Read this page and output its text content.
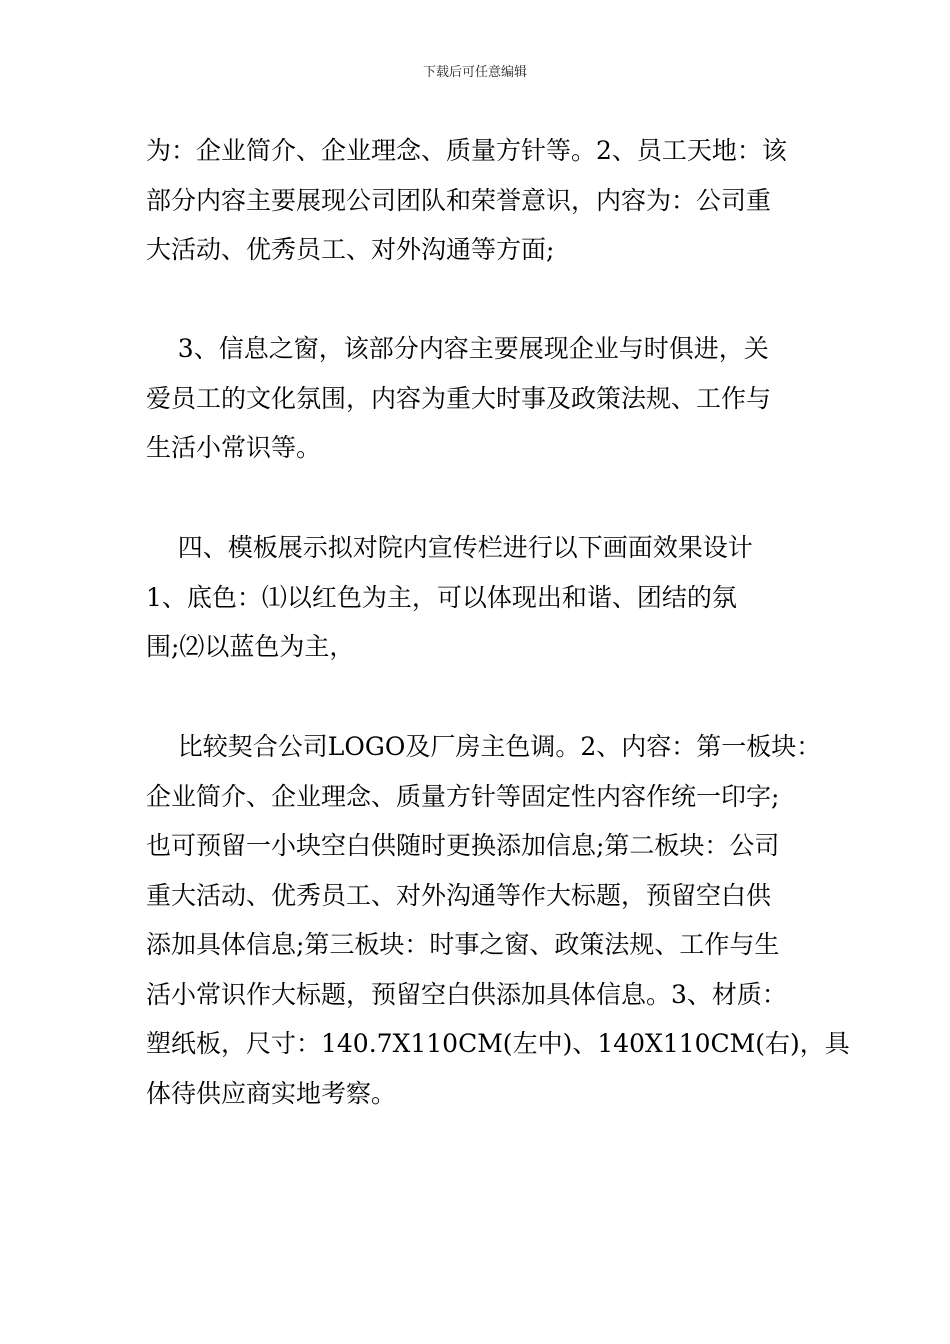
下载后可任意编辑
为：企业简介、企业理念、质量方针等。2、员工天地：该
部分内容主要展现公司团队和荣誉意识，内容为：公司重
大活动、优秀员工、对外沟通等方面;
3、信息之窗，该部分内容主要展现企业与时俱进，关
爱员工的文化氛围，内容为重大时事及政策法规、工作与
生活小常识等。
四、模板展示拟对院内宣传栏进行以下画面效果设计
1、底色：⑴以红色为主，可以体现出和谐、团结的氛
围;⑵以蓝色为主，
比较契合公司LOGO及厂房主色调。2、内容：第一板块：
企业简介、企业理念、质量方针等固定性内容作统一印字;
也可预留一小块空白供随时更换添加信息;第二板块：公司
重大活动、优秀员工、对外沟通等作大标题，预留空白供
添加具体信息;第三板块：时事之窗、政策法规、工作与生
活小常识作大标题，预留空白供添加具体信息。3、材质：
塑纸板，尺寸：140.7X110CM(左中)、140X110CM(右)，具
体待供应商实地考察。
